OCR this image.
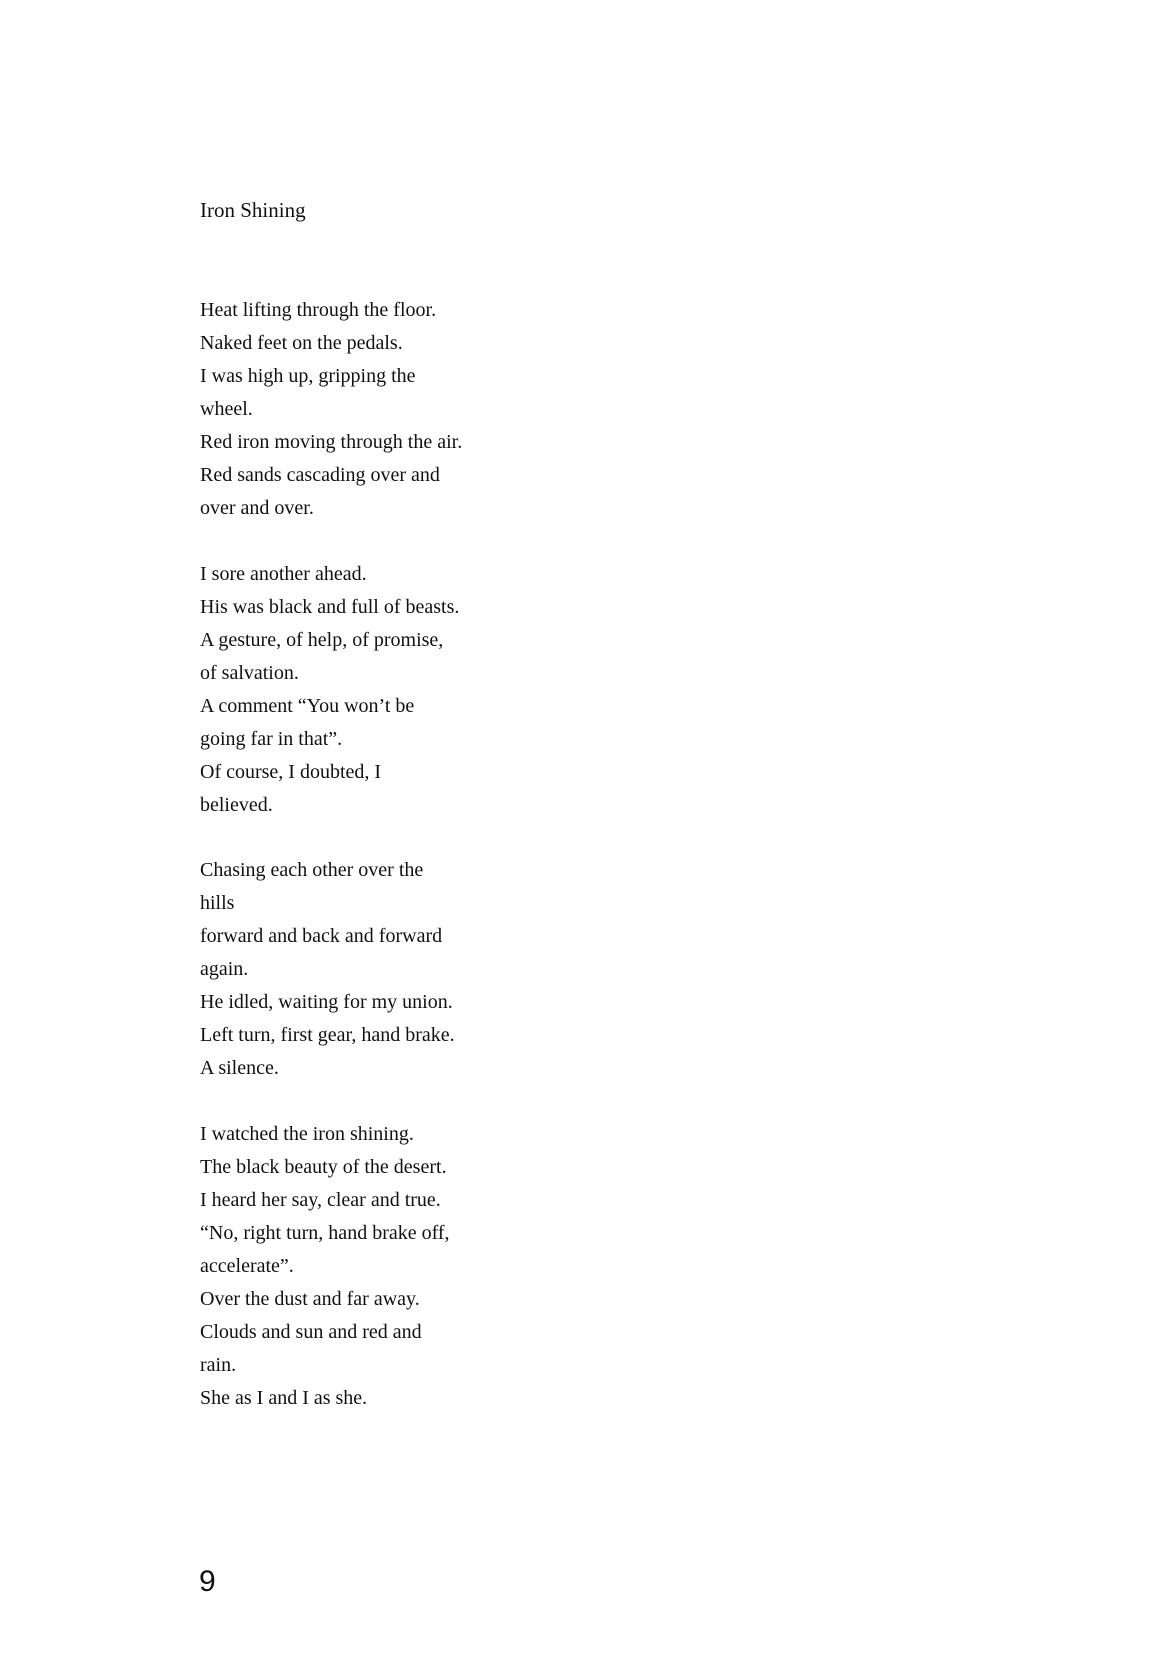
Iron Shining
Heat lifting through the floor.
Naked feet on the pedals.
I was high up, gripping the
wheel.
Red iron moving through the air.
Red sands cascading over and
over and over.
I sore another ahead.
His was black and full of beasts.
A gesture, of help, of promise,
of salvation.
A comment “You won’t be
going far in that”.
Of course, I doubted, I
believed.
Chasing each other over the
hills
forward and back and forward
again.
He idled, waiting for my union.
Left turn, first gear, hand brake.
A silence.
I watched the iron shining.
The black beauty of the desert.
I heard her say, clear and true.
“No, right turn, hand brake off,
accelerate”.
Over the dust and far away.
Clouds and sun and red and
rain.
She as I and I as she.
9
